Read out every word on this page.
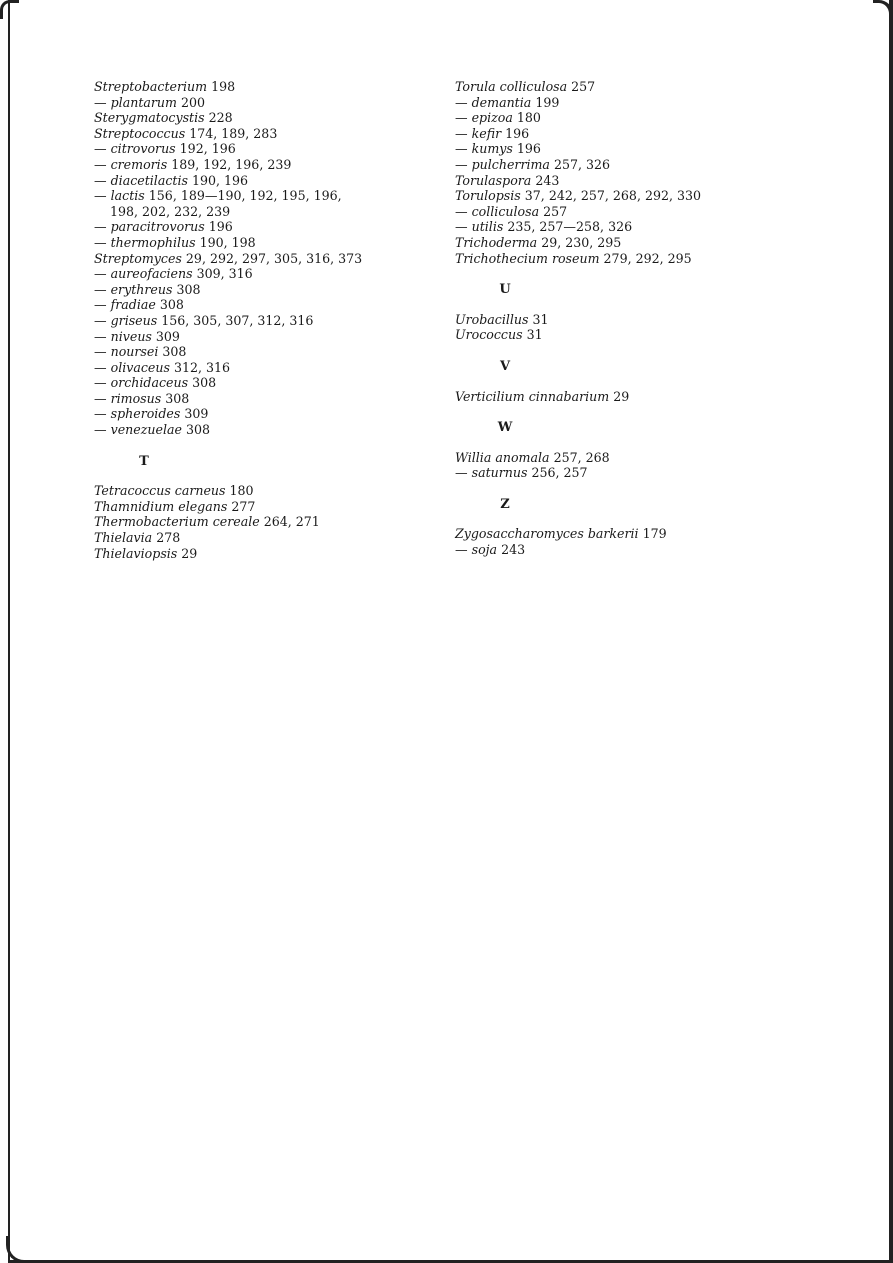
Streptobacterium 198
— plantarum 200
Sterygmatocystis 228
Streptococcus 174, 189, 283
— citrovorus 192, 196
— cremoris 189, 192, 196, 239
— diacetilactis 190, 196
— lactis 156, 189—190, 192, 195, 196,
198, 202, 232, 239
— paracitrovorus 196
— thermophilus 190, 198
Streptomyces 29, 292, 297, 305, 316, 373
— aureofaciens 309, 316
— erythreus 308
— fradiae 308
— griseus 156, 305, 307, 312, 316
— niveus 309
— noursei 308
— olivaceus 312, 316
— orchidaceus 308
— rimosus 308
— spheroides 309
— venezuelae 308
T
Tetracoccus carneus 180
Thamnidium elegans 277
Thermobacterium cereale 264, 271
Thielavia 278
Thielaviopsis 29
Torula colliculosa 257
— demantia 199
— epizoa 180
— kefir 196
— kumys 196
— pulcherrima 257, 326
Torulaspora 243
Torulopsis 37, 242, 257, 268, 292, 330
— colliculosa 257
— utilis 235, 257—258, 326
Trichoderma 29, 230, 295
Trichothecium roseum 279, 292, 295
U
Urobacillus 31
Urococcus 31
V
Verticilium cinnabarium 29
W
Willia anomala 257, 268
— saturnus 256, 257
Z
Zygosaccharomyces barkerii 179
— soja 243
